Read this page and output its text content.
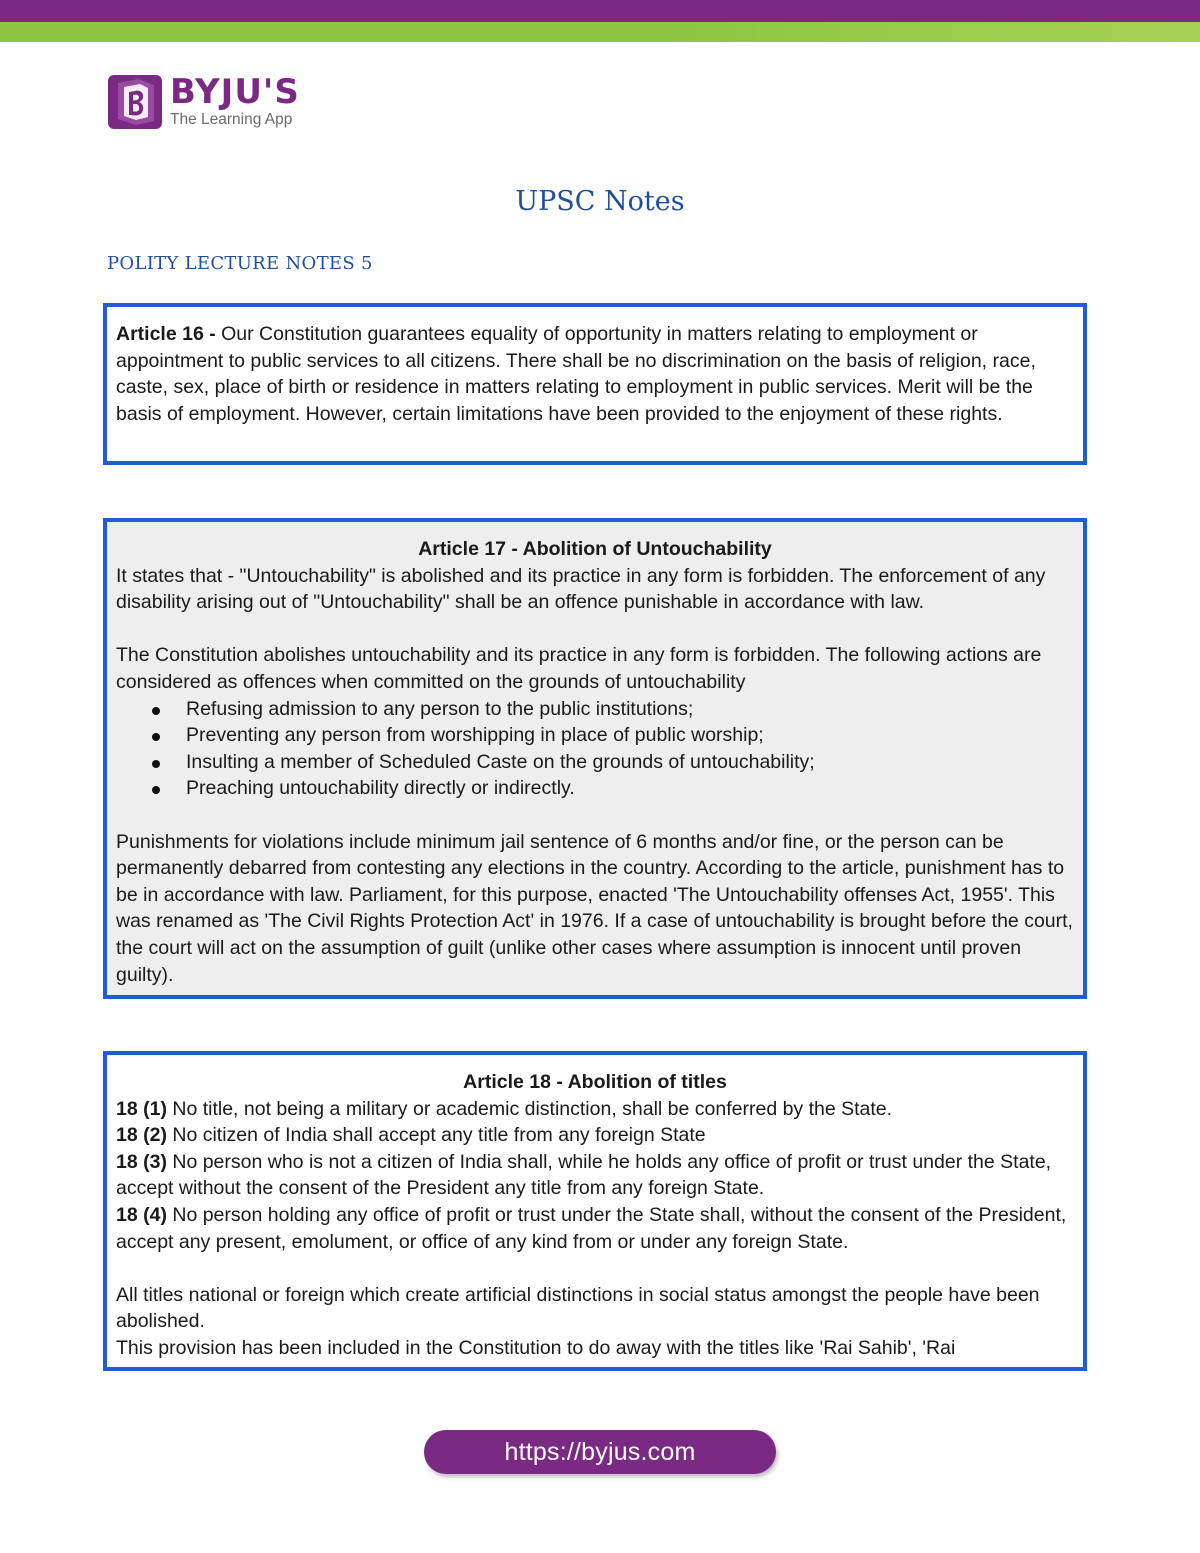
BYJU'S
The Learning App
UPSC Notes
POLITY LECTURE NOTES 5

Article 16 - Our Constitution guarantees equality of opportunity in matters relating to employment or appointment to public services to all citizens. There shall be no discrimination on the basis of religion, race, caste, sex, place of birth or residence in matters relating to employment in public services. Merit will be the basis of employment. However, certain limitations have been provided to the enjoyment of these rights.

Article 17 - Abolition of Untouchability

It states that - "Untouchability" is abolished and its practice in any form is forbidden. The enforcement of any disability arising out of "Untouchability" shall be an offence punishable in accordance with law.

The Constitution abolishes untouchability and its practice in any form is forbidden. The following actions are considered as offences when committed on the grounds of untouchability

Refusing admission to any person to the public institutions;
Preventing any person from worshipping in place of public worship;
Insulting a member of Scheduled Caste on the grounds of untouchability;
Preaching untouchability directly or indirectly.

Punishments for violations include minimum jail sentence of 6 months and/or fine, or the person can be permanently debarred from contesting any elections in the country. According to the article, punishment has to be in accordance with law. Parliament, for this purpose, enacted 'The Untouchability offenses Act, 1955'. This was renamed as 'The Civil Rights Protection Act' in 1976. If a case of untouchability is brought before the court, the court will act on the assumption of guilt (unlike other cases where assumption is innocent until proven guilty).

Article 18 - Abolition of titles

18 (1) No title, not being a military or academic distinction, shall be conferred by the State.

18 (2) No citizen of India shall accept any title from any foreign State

18 (3) No person who is not a citizen of India shall, while he holds any office of profit or trust under the State, accept without the consent of the President any title from any foreign State.

18 (4) No person holding any office of profit or trust under the State shall, without the consent of the President, accept any present, emolument, or office of any kind from or under any foreign State.

All titles national or foreign which create artificial distinctions in social status amongst the people have been abolished.

This provision has been included in the Constitution to do away with the titles like 'Rai Sahib', 'Rai

https://byjus.com
